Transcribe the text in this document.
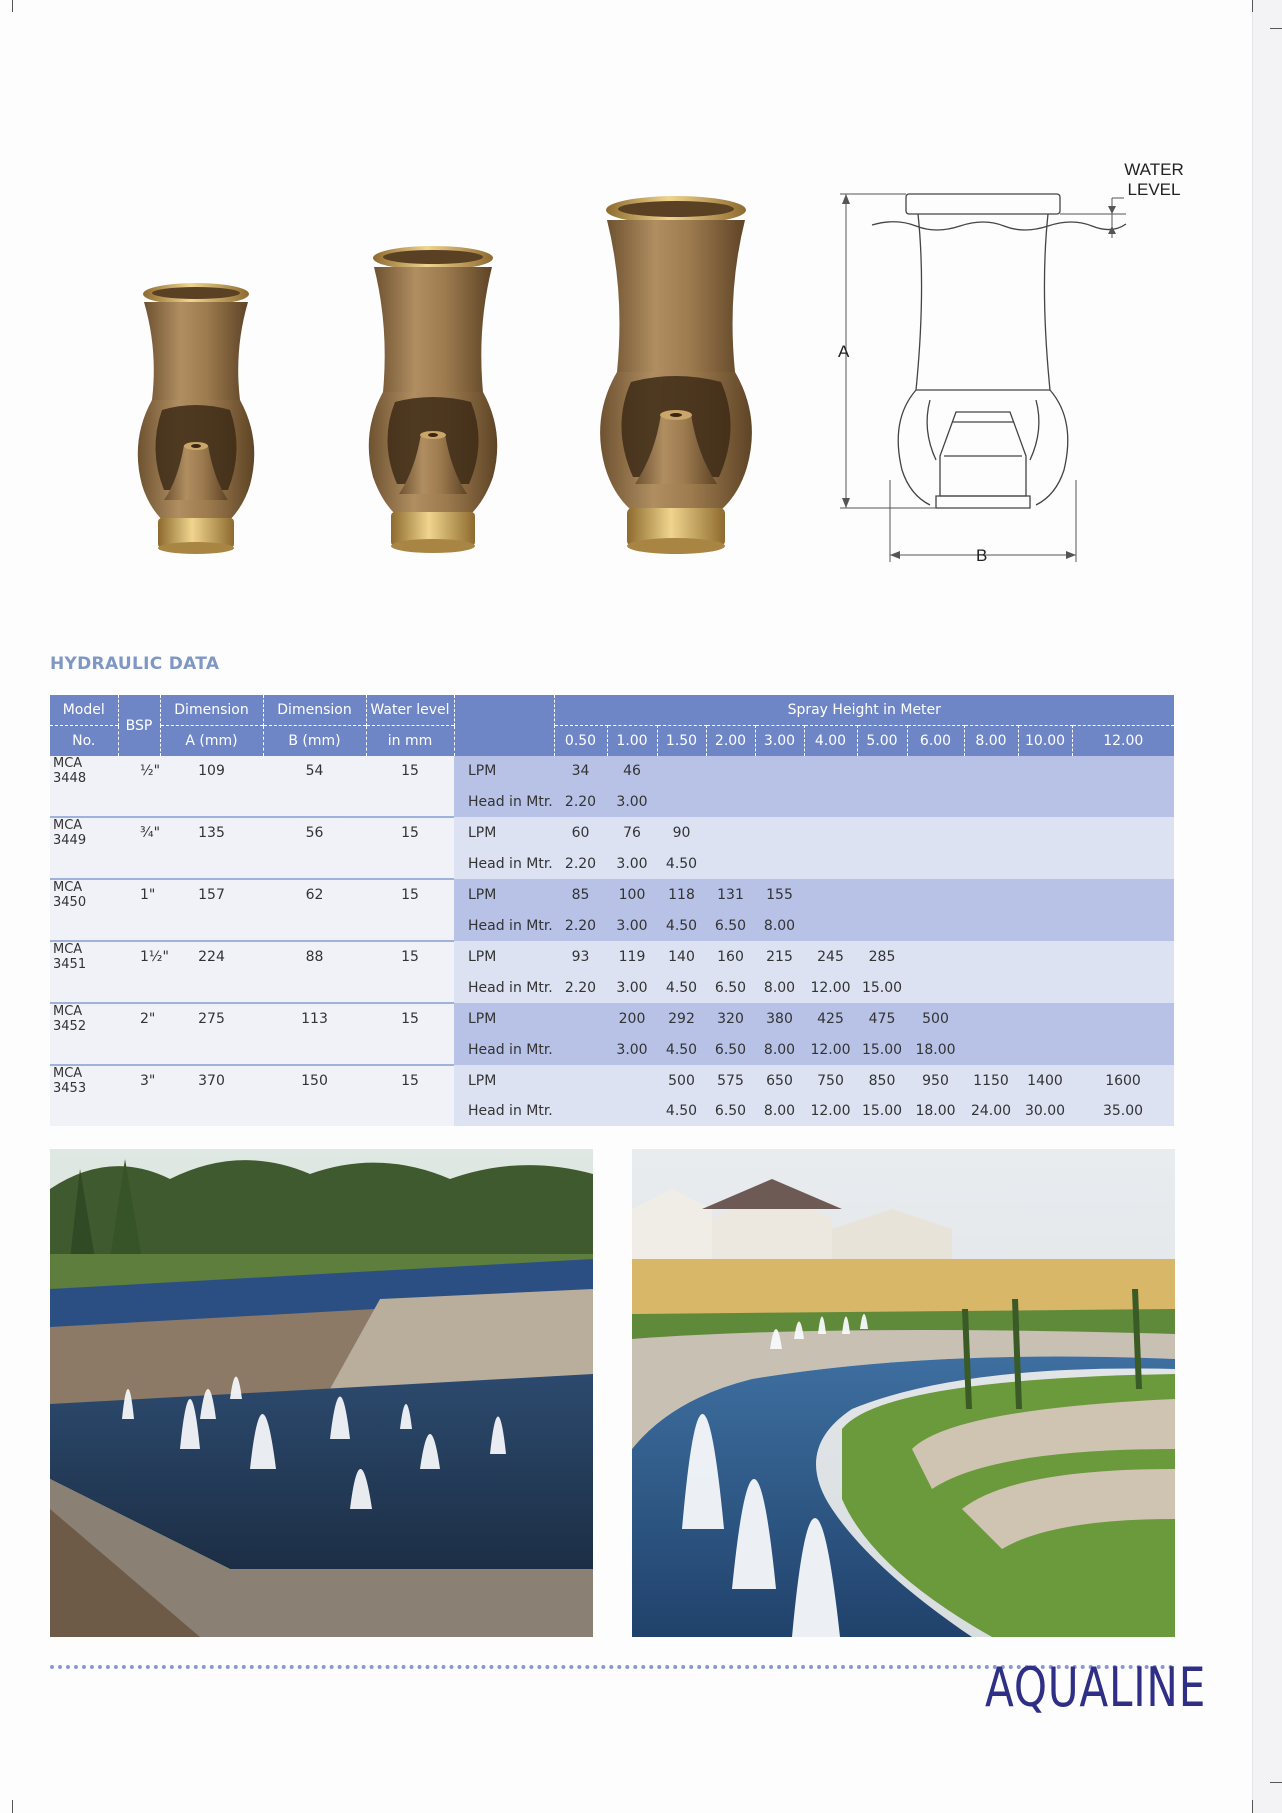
WATER
LEVEL
A
B
HYDRAULIC DATA
Model	BSP	Dimension	Dimension	Water level		Spray Height in Meter										
No.		A (mm)	B (mm)	in mm		0.50	1.00	1.50	2.00	3.00	4.00	5.00	6.00	8.00	10.00	12.00
MCA 3448	½"	109	54	15	LPM	34	46									
					Head in Mtr.	2.20	3.00									
MCA 3449	¾"	135	56	15	LPM	60	76	90								
					Head in Mtr.	2.20	3.00	4.50								
MCA 3450	1"	157	62	15	LPM	85	100	118	131	155						
					Head in Mtr.	2.20	3.00	4.50	6.50	8.00						
MCA 3451	1½"	224	88	15	LPM	93	119	140	160	215	245	285				
					Head in Mtr.	2.20	3.00	4.50	6.50	8.00	12.00	15.00				
MCA 3452	2"	275	113	15	LPM		200	292	320	380	425	475	500			
					Head in Mtr.		3.00	4.50	6.50	8.00	12.00	15.00	18.00			
MCA 3453	3"	370	150	15	LPM			500	575	650	750	850	950	1150	1400	1600
					Head in Mtr.			4.50	6.50	8.00	12.00	15.00	18.00	24.00	30.00	35.00
AQUALINE
